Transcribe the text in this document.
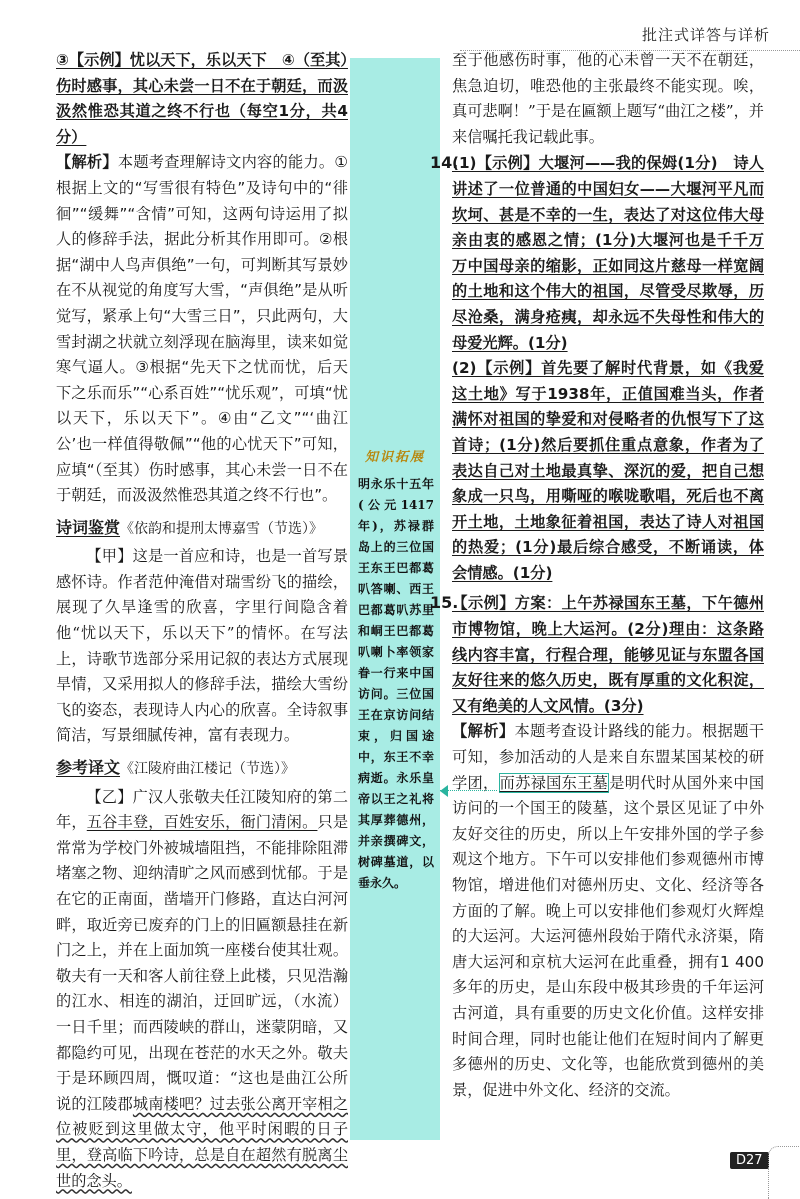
批注式详答与详析

③【示例】忧以天下，乐以天下　④（至其）伤时感事，其心未尝一日不在于朝廷，而汲汲然惟恐其道之终不行也（每空1分，共4分）

【解析】本题考查理解诗文内容的能力。①根据上文的“写雪很有特色”及诗句中的“徘徊”“缓舞”“含情”可知，这两句诗运用了拟人的修辞手法，据此分析其作用即可。②根据“湖中人鸟声俱绝”一句，可判断其写景妙在不从视觉的角度写大雪，“声俱绝”是从听觉写，紧承上句“大雪三日”，只此两句，大雪封湖之状就立刻浮现在脑海里，读来如觉寒气逼人。③根据“先天下之忧而忧，后天下之乐而乐”“心系百姓”“忧乐观”，可填“忧以天下，乐以天下”。④由“乙文”“‘曲江公’也一样值得敬佩”“他的心忧天下”可知，应填“（至其）伤时感事，其心未尝一日不在于朝廷，而汲汲然惟恐其道之终不行也”。

诗词鉴赏《依韵和提刑太博嘉雪（节选）》

【甲】这是一首应和诗，也是一首写景感怀诗。作者范仲淹借对瑞雪纷飞的描绘，展现了久旱逢雪的欣喜，字里行间隐含着他“忧以天下，乐以天下”的情怀。在写法上，诗歌节选部分采用记叙的表达方式展现旱情，又采用拟人的修辞手法，描绘大雪纷飞的姿态，表现诗人内心的欣喜。全诗叙事简洁，写景细腻传神，富有表现力。

参考译文《江陵府曲江楼记（节选）》

【乙】广汉人张敬夫任江陵知府的第二年，五谷丰登，百姓安乐，衙门清闲。只是常常为学校门外被城墙阻挡，不能排除阻滞堵塞之物、迎纳清旷之风而感到忧郁。于是在它的正南面，凿墙开门修路，直达白河河畔，取近旁已废弃的门上的旧匾额悬挂在新门之上，并在上面加筑一座楼台使其壮观。敬夫有一天和客人前往登上此楼，只见浩瀚的江水、相连的湖泊，迂回旷远，（水流）一日千里；而西陵峡的群山，迷蒙阴暗，又都隐约可见，出现在苍茫的水天之外。敬夫于是环顾四周，慨叹道：“这也是曲江公所说的江陵郡城南楼吧？过去张公离开宰相之位被贬到这里做太守，他平时闲暇的日子里，登高临下吟诗，总是自在超然有脱离尘世的念头。

知识拓展
明永乐十五年(公元1417年)，苏禄群岛上的三位国王东王巴都葛叭答喇、西王巴都葛叭苏里和峒王巴都葛叭喇卜率领家眷一行来中国访问。三位国王在京访问结束，归国途中，东王不幸病逝。永乐皇帝以王之礼将其厚葬德州，并亲撰碑文，树碑墓道，以垂永久。

至于他感伤时事，他的心未曾一天不在朝廷，焦急迫切，唯恐他的主张最终不能实现。唉，真可悲啊！”于是在匾额上题写“曲江之楼”，并来信嘱托我记载此事。

14.(1)【示例】大堰河——我的保姆(1分)　诗人讲述了一位普通的中国妇女——大堰河平凡而坎坷、甚是不幸的一生，表达了对这位伟大母亲由衷的感恩之情；(1分)大堰河也是千千万万中国母亲的缩影，正如同这片慈母一样宽阔的土地和这个伟大的祖国，尽管受尽欺辱，历尽沧桑，满身疮痍，却永远不失母性和伟大的母爱光辉。(1分)

(2)【示例】首先要了解时代背景，如《我爱这土地》写于1938年，正值国难当头，作者满怀对祖国的挚爱和对侵略者的仇恨写下了这首诗；(1分)然后要抓住重点意象，作者为了表达自己对土地最真挚、深沉的爱，把自己想象成一只鸟，用嘶哑的喉咙歌唱，死后也不离开土地，土地象征着祖国，表达了诗人对祖国的热爱；(1分)最后综合感受，不断诵读，体会情感。(1分)

15.【示例】方案：上午苏禄国东王墓，下午德州市博物馆，晚上大运河。(2分)理由：这条路线内容丰富，行程合理，能够见证与东盟各国友好往来的悠久历史，既有厚重的文化积淀，又有绝美的人文风情。(3分)

【解析】本题考查设计路线的能力。根据题干可知，参加活动的人是来自东盟某国某校的研学团，而苏禄国东王墓是明代时从国外来中国访问的一个国王的陵墓，这个景区见证了中外友好交往的历史，所以上午安排外国的学子参观这个地方。下午可以安排他们参观德州市博物馆，增进他们对德州历史、文化、经济等各方面的了解。晚上可以安排他们参观灯火辉煌的大运河。大运河德州段始于隋代永济渠，隋唐大运河和京杭大运河在此重叠，拥有1 400多年的历史，是山东段中极其珍贵的千年运河古河道，具有重要的历史文化价值。这样安排时间合理，同时也能让他们在短时间内了解更多德州的历史、文化等，也能欣赏到德州的美景，促进中外文化、经济的交流。

D27
